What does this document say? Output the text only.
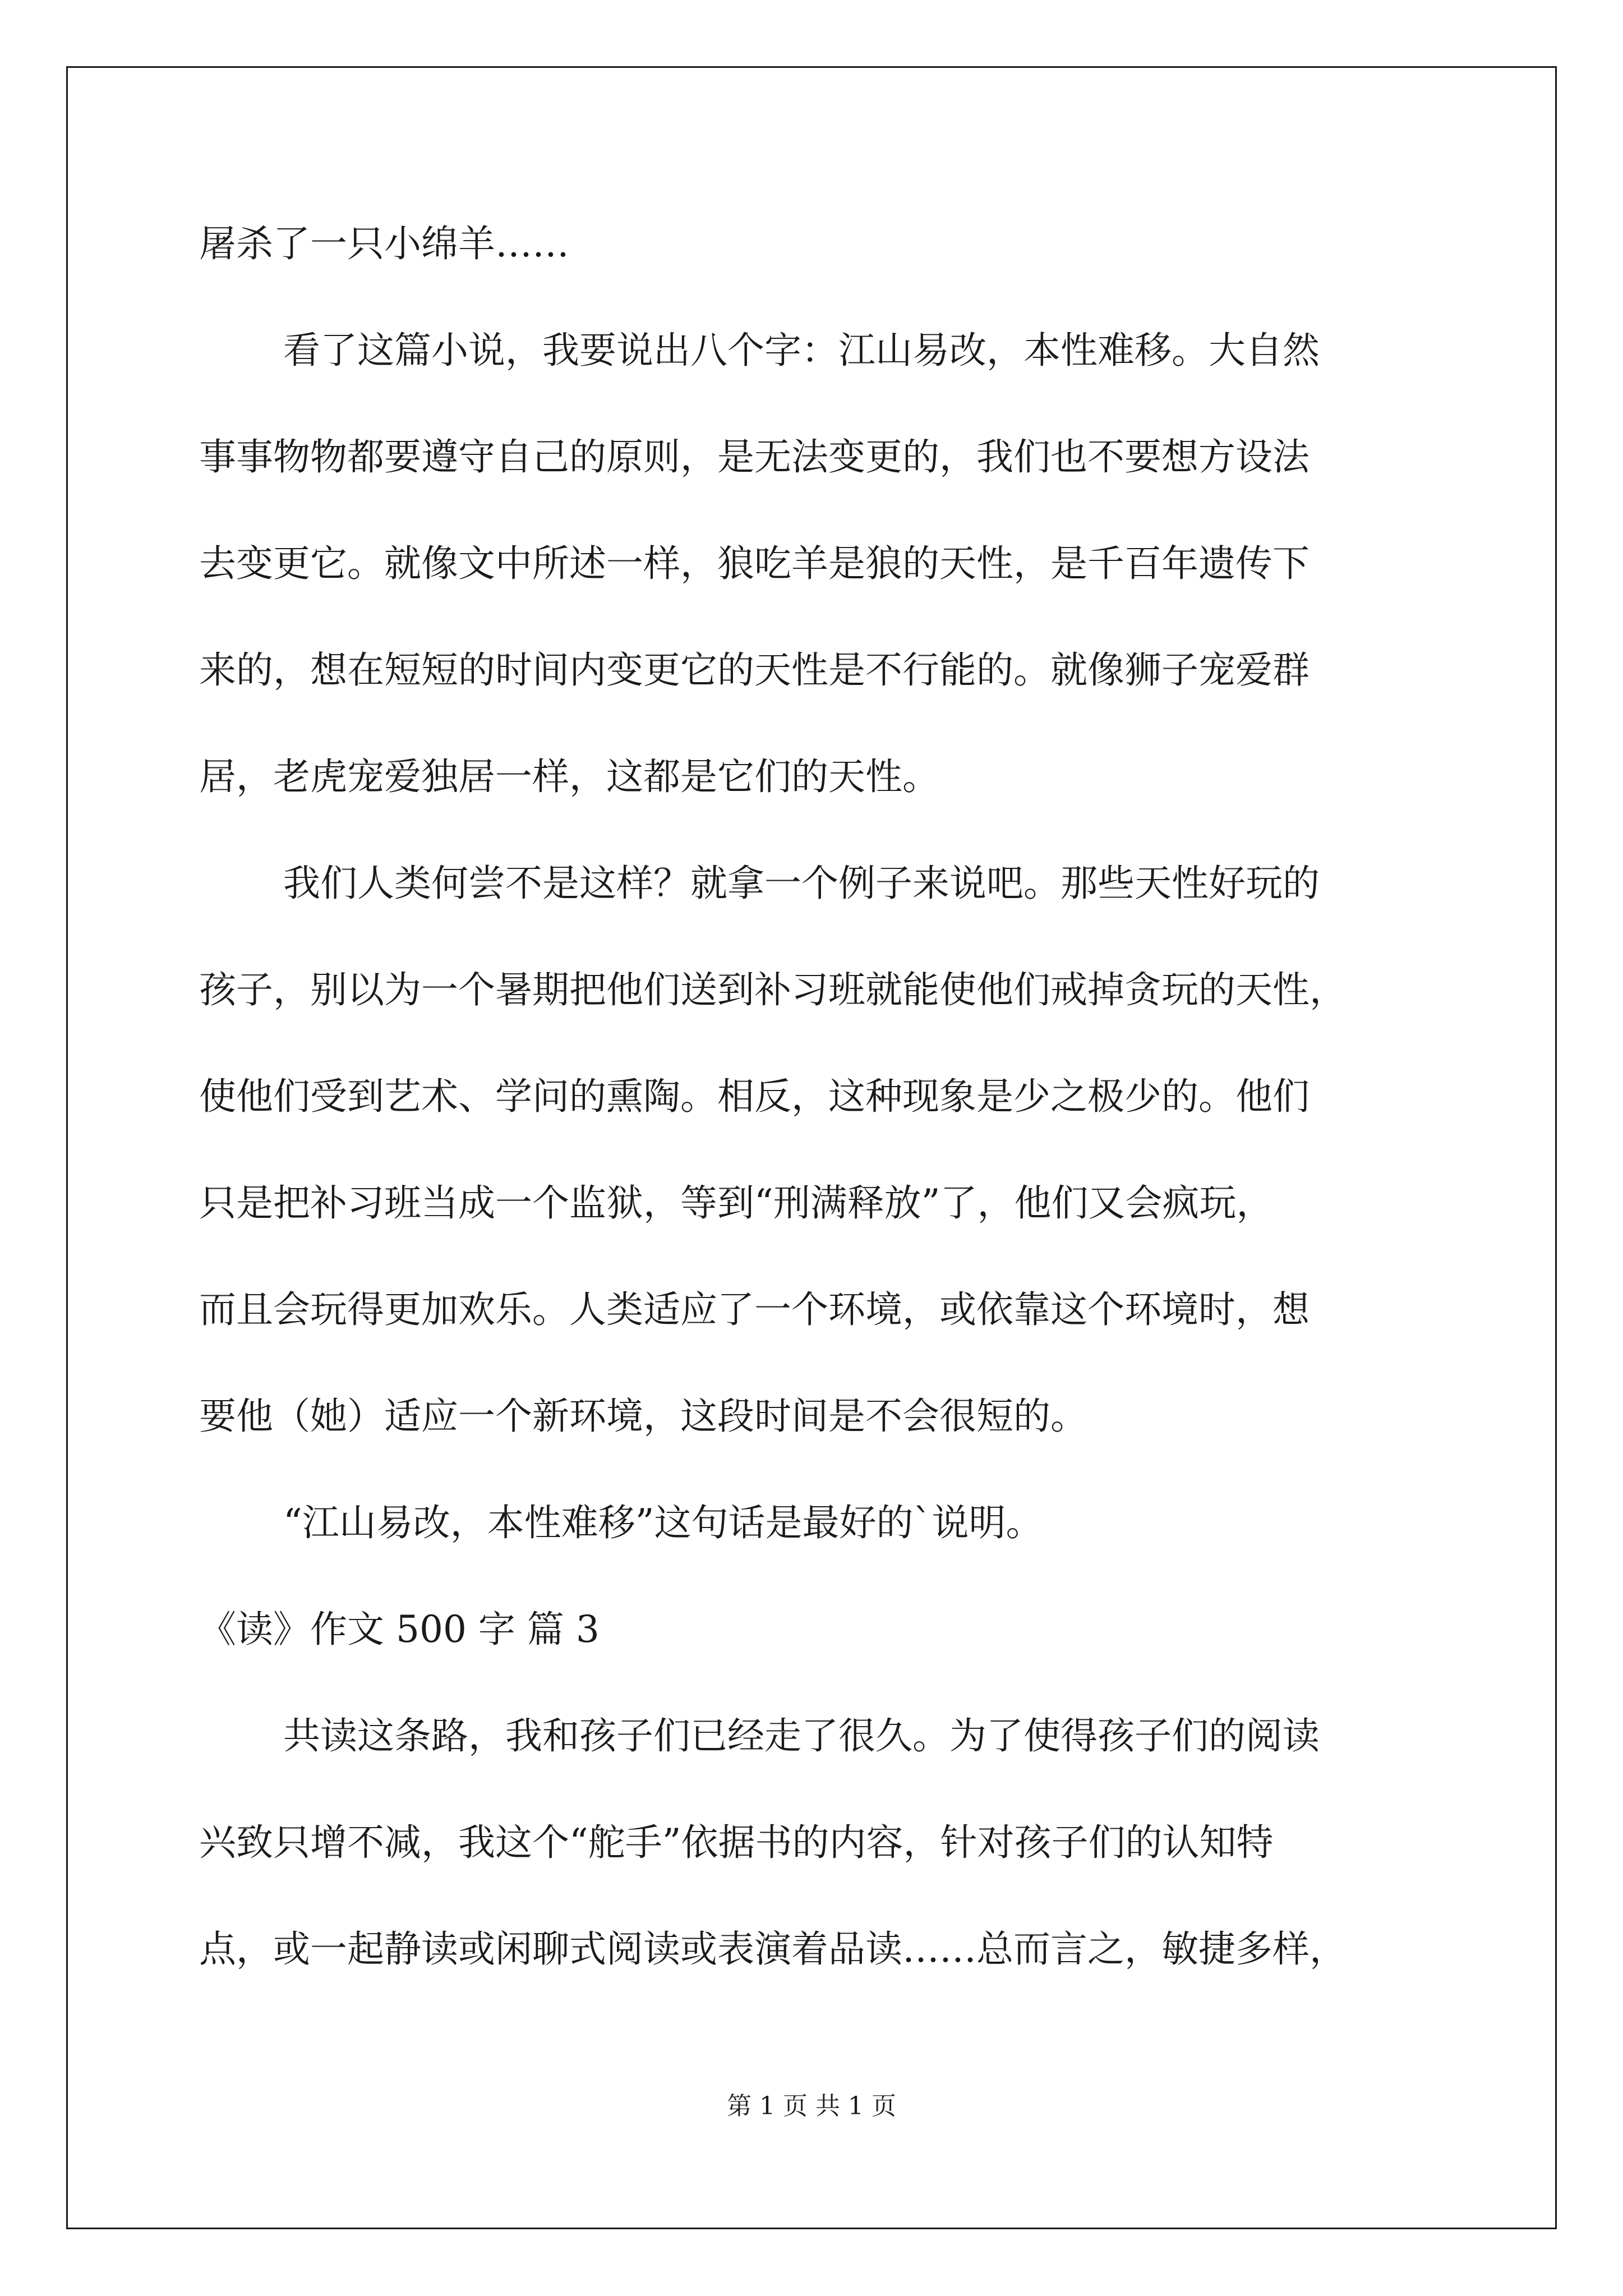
屠杀了一只小绵羊……

看了这篇小说，我要说出八个字：江山易改，本性难移。大自然

事事物物都要遵守自己的原则，是无法变更的，我们也不要想方设法

去变更它。就像文中所述一样，狼吃羊是狼的天性，是千百年遗传下

来的，想在短短的时间内变更它的天性是不行能的。就像狮子宠爱群

居，老虎宠爱独居一样，这都是它们的天性。

我们人类何尝不是这样？就拿一个例子来说吧。那些天性好玩的

孩子，别以为一个暑期把他们送到补习班就能使他们戒掉贪玩的天性，

使他们受到艺术、学问的熏陶。相反，这种现象是少之极少的。他们

只是把补习班当成一个监狱，等到“刑满释放”了，他们又会疯玩，

而且会玩得更加欢乐。人类适应了一个环境，或依靠这个环境时，想

要他（她）适应一个新环境，这段时间是不会很短的。

“江山易改，本性难移”这句话是最好的`说明。

《读》作文 500 字 篇 3

共读这条路，我和孩子们已经走了很久。为了使得孩子们的阅读

兴致只增不减，我这个“舵手”依据书的内容，针对孩子们的认知特

点，或一起静读或闲聊式阅读或表演着品读……总而言之，敏捷多样，

第 1 页 共 1 页
